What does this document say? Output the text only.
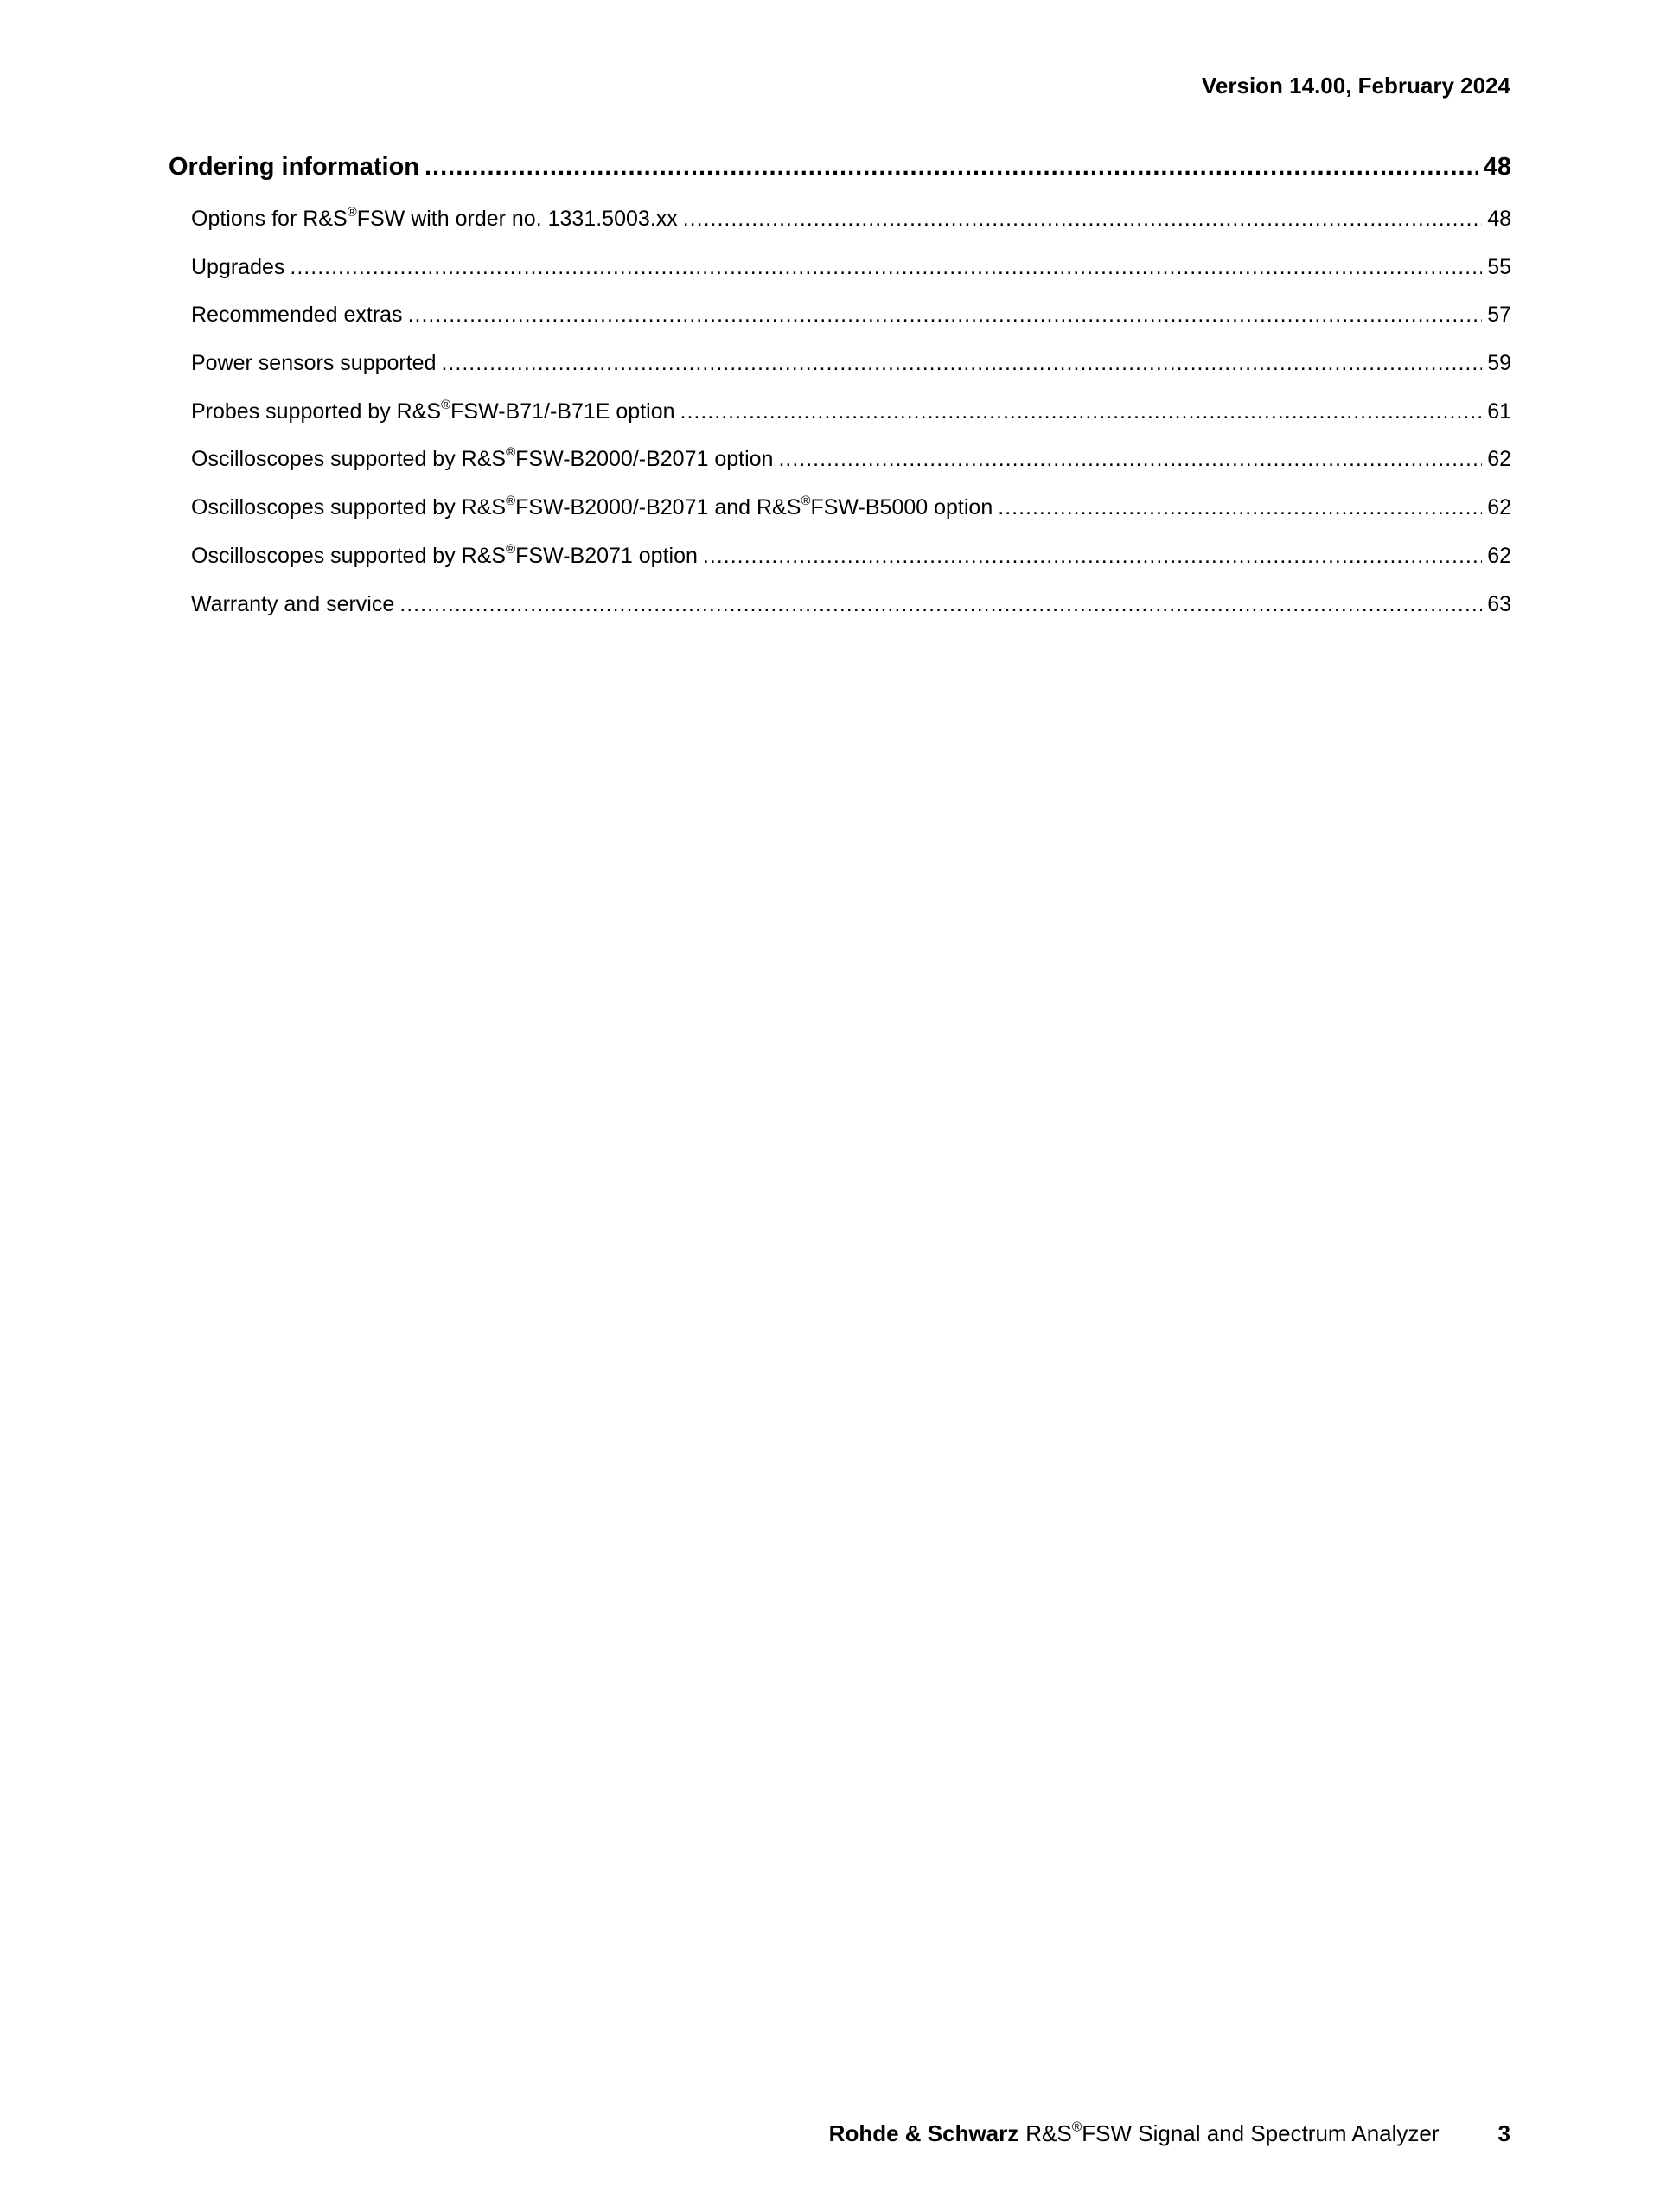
Version 14.00, February 2024
Ordering information .....	48
Options for R&S®FSW with order no. 1331.5003.xx .....	48
Upgrades .....	55
Recommended extras .....	57
Power sensors supported .....	59
Probes supported by R&S®FSW-B71/-B71E option .....	61
Oscilloscopes supported by R&S®FSW-B2000/-B2071 option .....	62
Oscilloscopes supported by R&S®FSW-B2000/-B2071 and R&S®FSW-B5000 option .....	62
Oscilloscopes supported by R&S®FSW-B2071 option .....	62
Warranty and service .....	63
Rohde & Schwarz R&S®FSW Signal and Spectrum Analyzer	3
